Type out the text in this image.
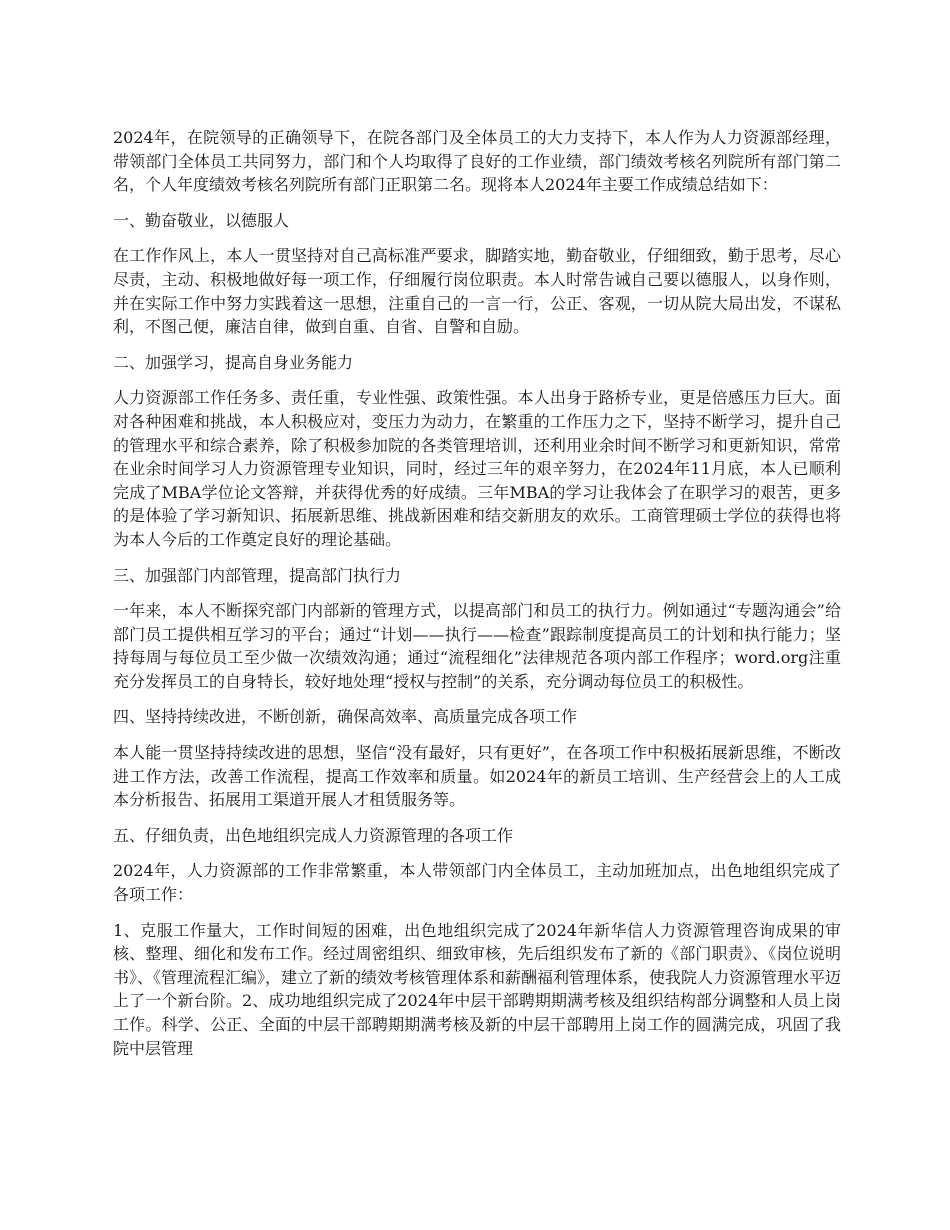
2024年，在院领导的正确领导下，在院各部门及全体员工的大力支持下，本人作为人力资源部经理，带领部门全体员工共同努力，部门和个人均取得了良好的工作业绩，部门绩效考核名列院所有部门第二名，个人年度绩效考核名列院所有部门正职第二名。现将本人2024年主要工作成绩总结如下：

一、勤奋敬业，以德服人

在工作作风上，本人一贯坚持对自己高标准严要求，脚踏实地，勤奋敬业，仔细细致，勤于思考，尽心尽责，主动、积极地做好每一项工作，仔细履行岗位职责。本人时常告诫自己要以德服人，以身作则，并在实际工作中努力实践着这一思想，注重自己的一言一行，公正、客观，一切从院大局出发，不谋私利，不图己便，廉洁自律，做到自重、自省、自警和自励。

二、加强学习，提高自身业务能力

人力资源部工作任务多、责任重，专业性强、政策性强。本人出身于路桥专业，更是倍感压力巨大。面对各种困难和挑战，本人积极应对，变压力为动力，在繁重的工作压力之下，坚持不断学习，提升自己的管理水平和综合素养，除了积极参加院的各类管理培训，还利用业余时间不断学习和更新知识，常常在业余时间学习人力资源管理专业知识，同时，经过三年的艰辛努力，在2024年11月底，本人已顺利完成了MBA学位论文答辩，并获得优秀的好成绩。三年MBA的学习让我体会了在职学习的艰苦，更多的是体验了学习新知识、拓展新思维、挑战新困难和结交新朋友的欢乐。工商管理硕士学位的获得也将为本人今后的工作奠定良好的理论基础。

三、加强部门内部管理，提高部门执行力

一年来，本人不断探究部门内部新的管理方式，以提高部门和员工的执行力。例如通过“专题沟通会”给部门员工提供相互学习的平台；通过“计划——执行——检查”跟踪制度提高员工的计划和执行能力；坚持每周与每位员工至少做一次绩效沟通；通过“流程细化”法律规范各项内部工作程序；word.org注重充分发挥员工的自身特长，较好地处理“授权与控制”的关系，充分调动每位员工的积极性。

四、坚持持续改进，不断创新，确保高效率、高质量完成各项工作

本人能一贯坚持持续改进的思想，坚信“没有最好，只有更好”，在各项工作中积极拓展新思维，不断改进工作方法，改善工作流程，提高工作效率和质量。如2024年的新员工培训、生产经营会上的人工成本分析报告、拓展用工渠道开展人才租赁服务等。

五、仔细负责，出色地组织完成人力资源管理的各项工作

2024年，人力资源部的工作非常繁重，本人带领部门内全体员工，主动加班加点，出色地组织完成了各项工作：

1、克服工作量大，工作时间短的困难，出色地组织完成了2024年新华信人力资源管理咨询成果的审核、整理、细化和发布工作。经过周密组织、细致审核，先后组织发布了新的《部门职责》、《岗位说明书》、《管理流程汇编》，建立了新的绩效考核管理体系和薪酬福利管理体系，使我院人力资源管理水平迈上了一个新台阶。2、成功地组织完成了2024年中层干部聘期期满考核及组织结构部分调整和人员上岗工作。科学、公正、全面的中层干部聘期期满考核及新的中层干部聘用上岗工作的圆满完成，巩固了我院中层管理
